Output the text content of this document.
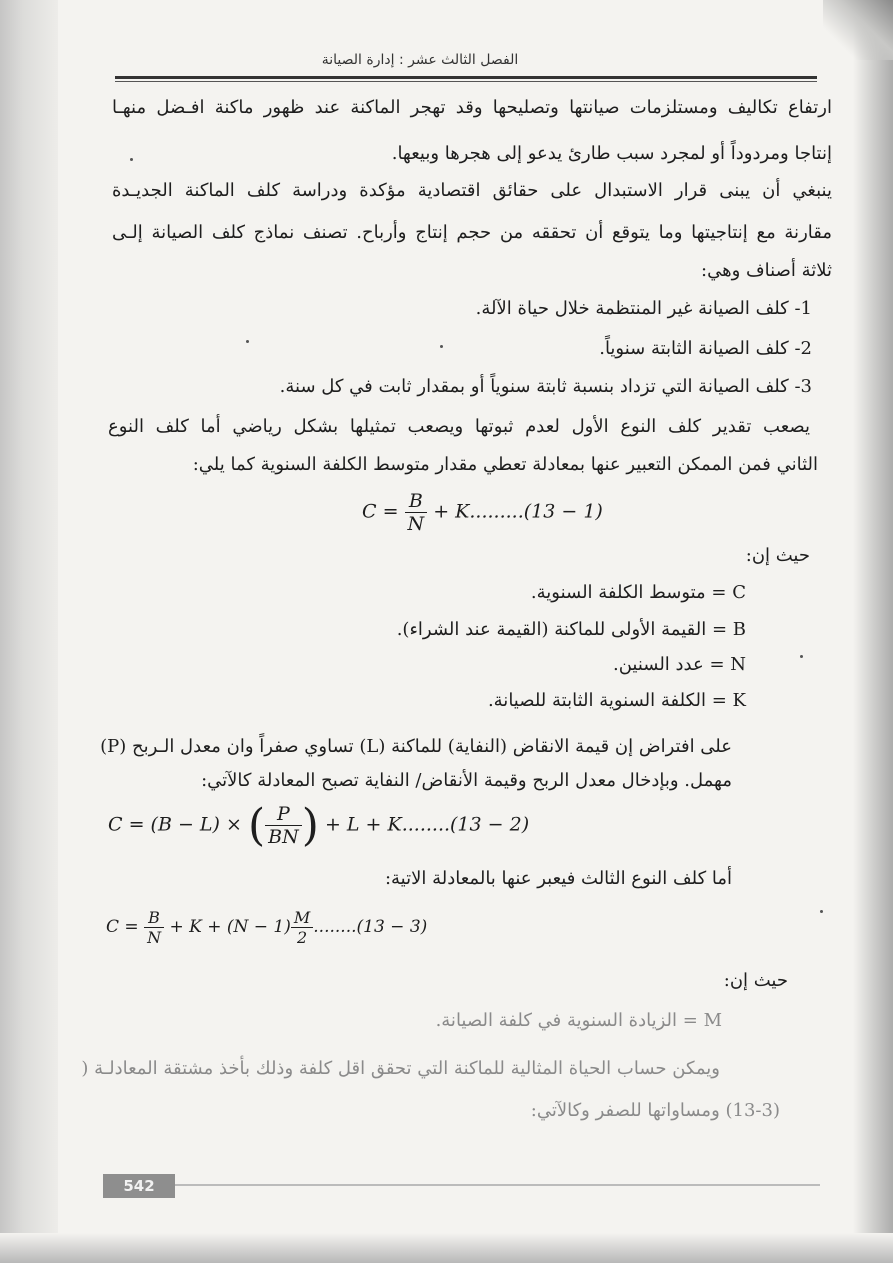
الفصل الثالث عشر : إدارة الصيانة
ارتفاع تكاليف ومستلزمات صيانتها وتصليحها وقد تهجر الماكنة عند ظهور ماكنة افـضل منهـا
إنتاجا ومردوداً أو لمجرد سبب طارئ يدعو إلى هجرها وبيعها.
ينبغي أن يبنى قرار الاستبدال على حقائق اقتصادية مؤكدة ودراسة كلف الماكنة الجديـدة
مقارنة مع إنتاجيتها وما يتوقع أن تحققه من حجم إنتاج وأرباح. تصنف نماذج كلف الصيانة إلـى
ثلاثة أصناف وهي:
1- كلف الصيانة غير المنتظمة خلال حياة الآلة.
2- كلف الصيانة الثابتة سنوياً.
3- كلف الصيانة التي تزداد بنسبة ثابتة سنوياً أو بمقدار ثابت في كل سنة.
يصعب تقدير كلف النوع الأول لعدم ثبوتها ويصعب تمثيلها بشكل رياضي أما كلف النوع
الثاني فمن الممكن التعبير عنها بمعادلة تعطي مقدار متوسط الكلفة السنوية كما يلي:
$C = \frac{B}{N} + K.........(13 - 1)$
حيث إن:
C = متوسط الكلفة السنوية.
B = القيمة الأولى للماكنة (القيمة عند الشراء).
N = عدد السنين.
K = الكلفة السنوية الثابتة للصيانة.
على افتراض إن قيمة الانقاض (النفاية) للماكنة (L) تساوي صفراً وان معدل الـربح (P)
مهمل. وبإدخال معدل الربح وقيمة الأنقاض/ النفاية تصبح المعادلة كالآتي:
C = (B − L) × ( $\frac{P}{BN}$ ) + L + K........(13 − 2)
أما كلف النوع الثالث فيعبر عنها بالمعادلة الاتية:
$C = \frac{B}{N} + K + (N - 1) \frac{M}{2} ........(13 - 3)$
حيث إن:
M = الزيادة السنوية في كلفة الصيانة.
ويمكن حساب الحياة المثالية للماكنة التي تحقق اقل كلفة وذلك بأخذ مشتقة المعادلـة (
(13-3) ومساواتها للصفر وكالآتي:
542
